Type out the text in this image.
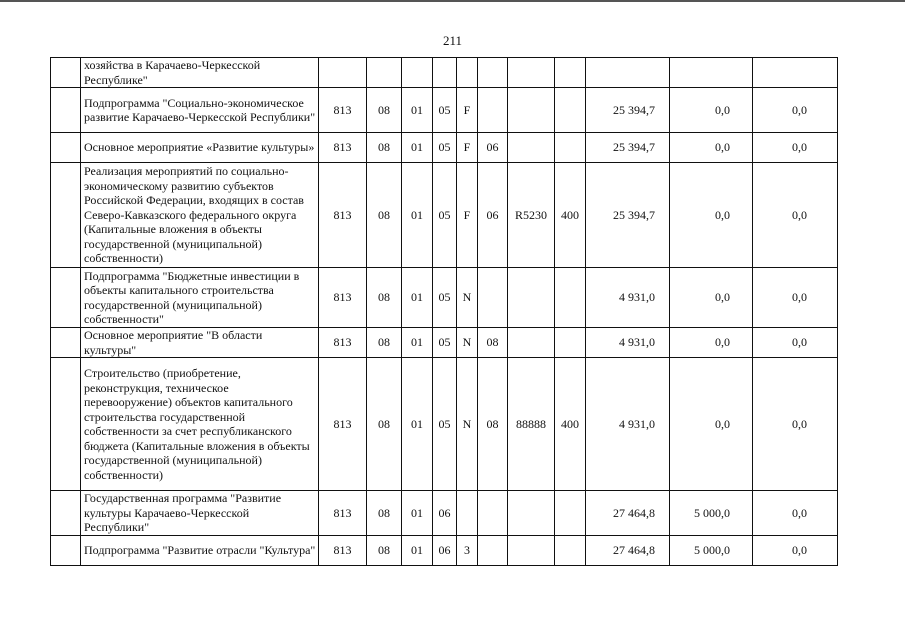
211
	хозяйства в Карачаево-Черкесской Республике"											
	Подпрограмма "Социально-экономическое развитие Карачаево-Черкесской Республики"	813	08	01	05	F				25 394,7	0,0	0,0
	Основное мероприятие «Развитие культуры»	813	08	01	05	F	06			25 394,7	0,0	0,0
	Реализация мероприятий по социально-экономическому развитию субъектов Российской Федерации, входящих в состав Северо-Кавказского федерального округа (Капитальные вложения в объекты государственной (муниципальной) собственности)	813	08	01	05	F	06	R5230	400	25 394,7	0,0	0,0
	Подпрограмма "Бюджетные инвестиции в объекты капитального строительства государственной (муниципальной) собственности"	813	08	01	05	N				4 931,0	0,0	0,0
	Основное мероприятие "В области культуры"	813	08	01	05	N	08			4 931,0	0,0	0,0
	Строительство (приобретение, реконструкция, техническое перевооружение) объектов капитального строительства государственной собственности за счет республиканского бюджета (Капитальные вложения в объекты государственной (муниципальной) собственности)	813	08	01	05	N	08	88888	400	4 931,0	0,0	0,0
	Государственная программа "Развитие культуры Карачаево-Черкесской Республики"	813	08	01	06					27 464,8	5 000,0	0,0
	Подпрограмма "Развитие отрасли "Культура"	813	08	01	06	3				27 464,8	5 000,0	0,0
